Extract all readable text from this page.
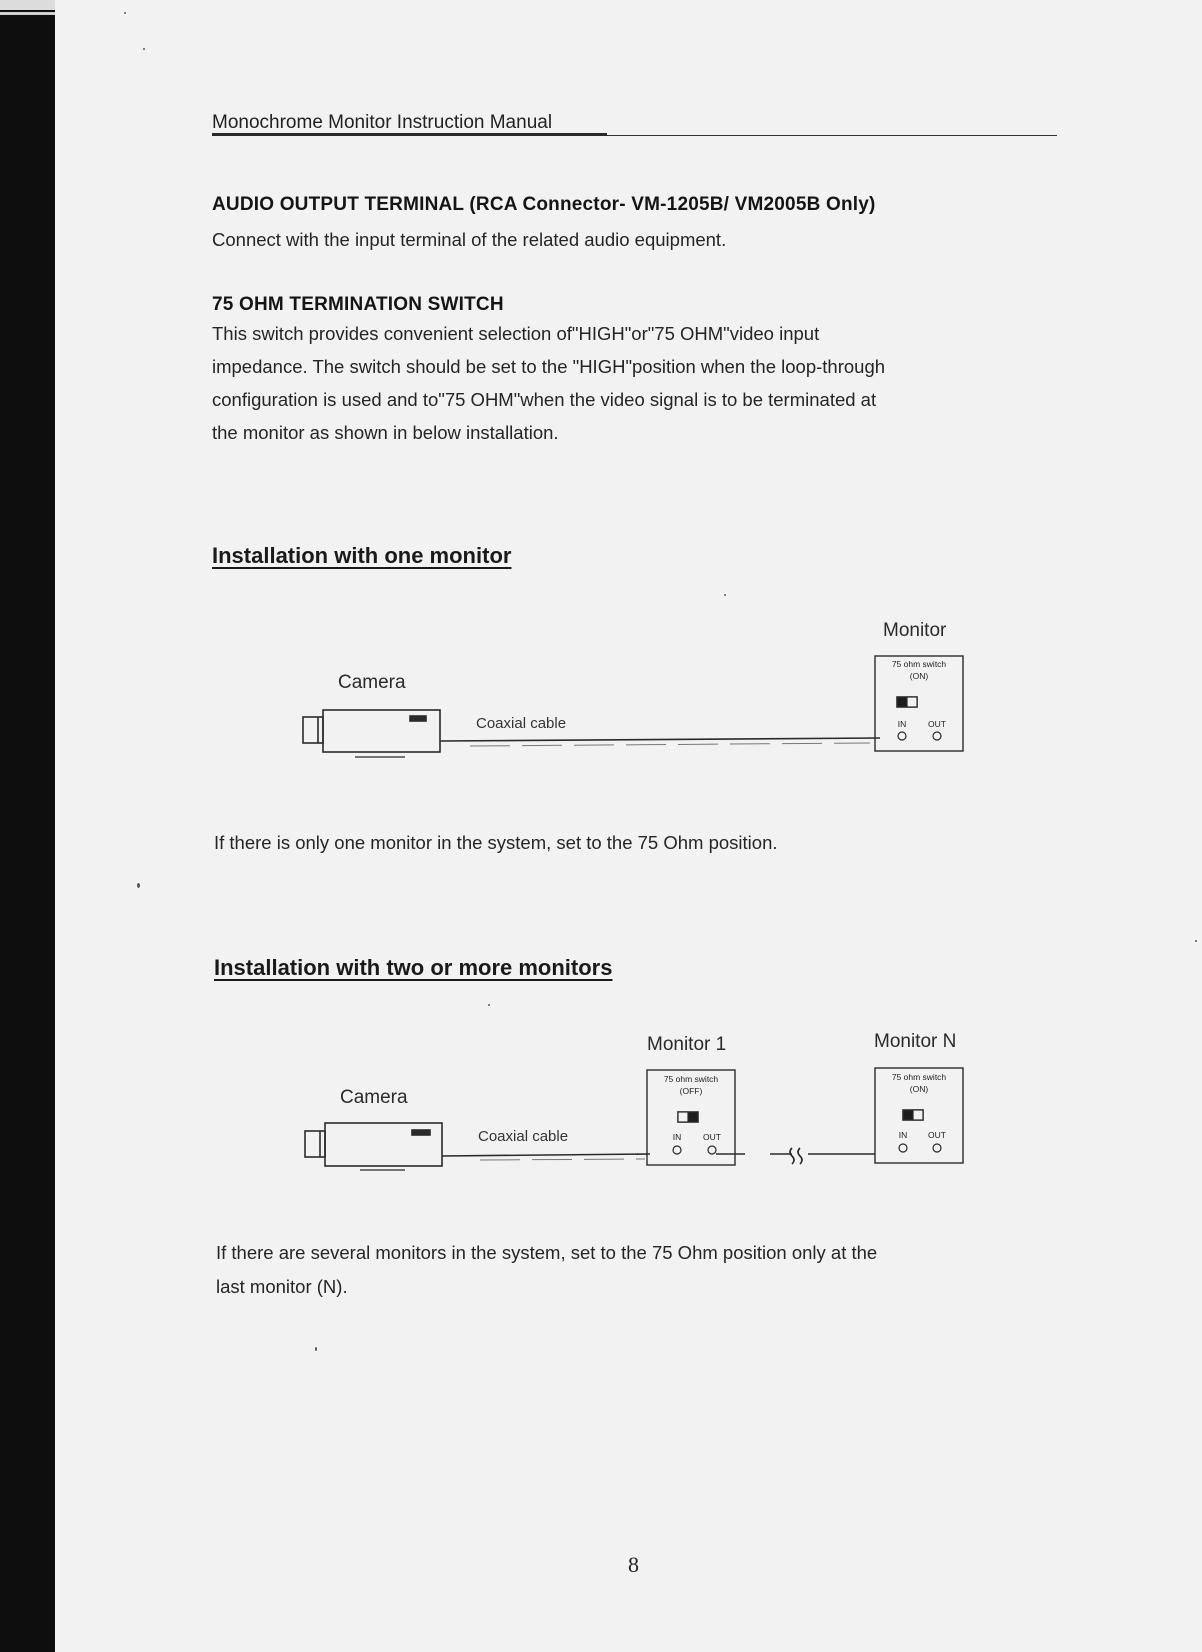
Monochrome Monitor Instruction Manual
AUDIO OUTPUT TERMINAL (RCA Connector- VM-1205B/ VM2005B Only)
Connect with the input terminal of the related audio equipment.
75 OHM TERMINATION SWITCH
This switch provides convenient selection of"HIGH"or"75 OHM"video input
impedance. The switch should be set to the "HIGH"position when the loop-through
configuration is used and to"75 OHM"when the video signal is to be terminated at
the monitor as shown in below installation.
Installation with one monitor
Camera
Coaxial cable
Monitor
Installation with two or more monitors
Camera
Coaxial cable
Monitor 1	Monitor N
If there is only one monitor in the system, set to the 75 Ohm position.
If there are several monitors in the system, set to the 75 Ohm position only at the
last monitor (N).
75 ohm switch
(ON)
IN	OUT
75 ohm switch
(OFF)
IN	OUT
75 ohm switch
(ON)
IN OUT
8
